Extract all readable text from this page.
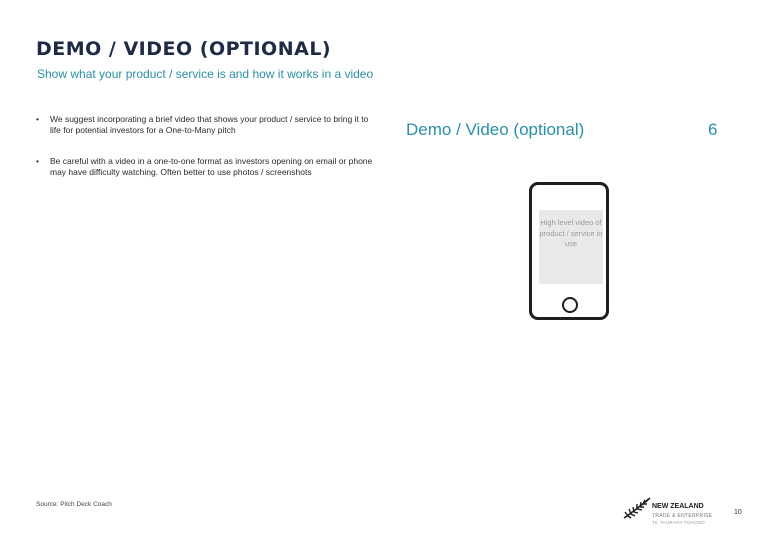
DEMO / VIDEO (OPTIONAL)
Show what your product / service is and how it works in a video
• We suggest incorporating a brief video that shows your product / service to bring it to life for potential investors for a One-to-Many pitch
• Be careful with a video in a one-to-one format as investors opening on email or phone may have difficulty watching. Often better to use photos / screenshots
Demo / Video (optional)	6
High level video of product / service in use
Source: Pitch Deck Coach	NEW ZEALAND
TRADE & ENTERPRISE
TE TAURAPA TŪHONO
10
